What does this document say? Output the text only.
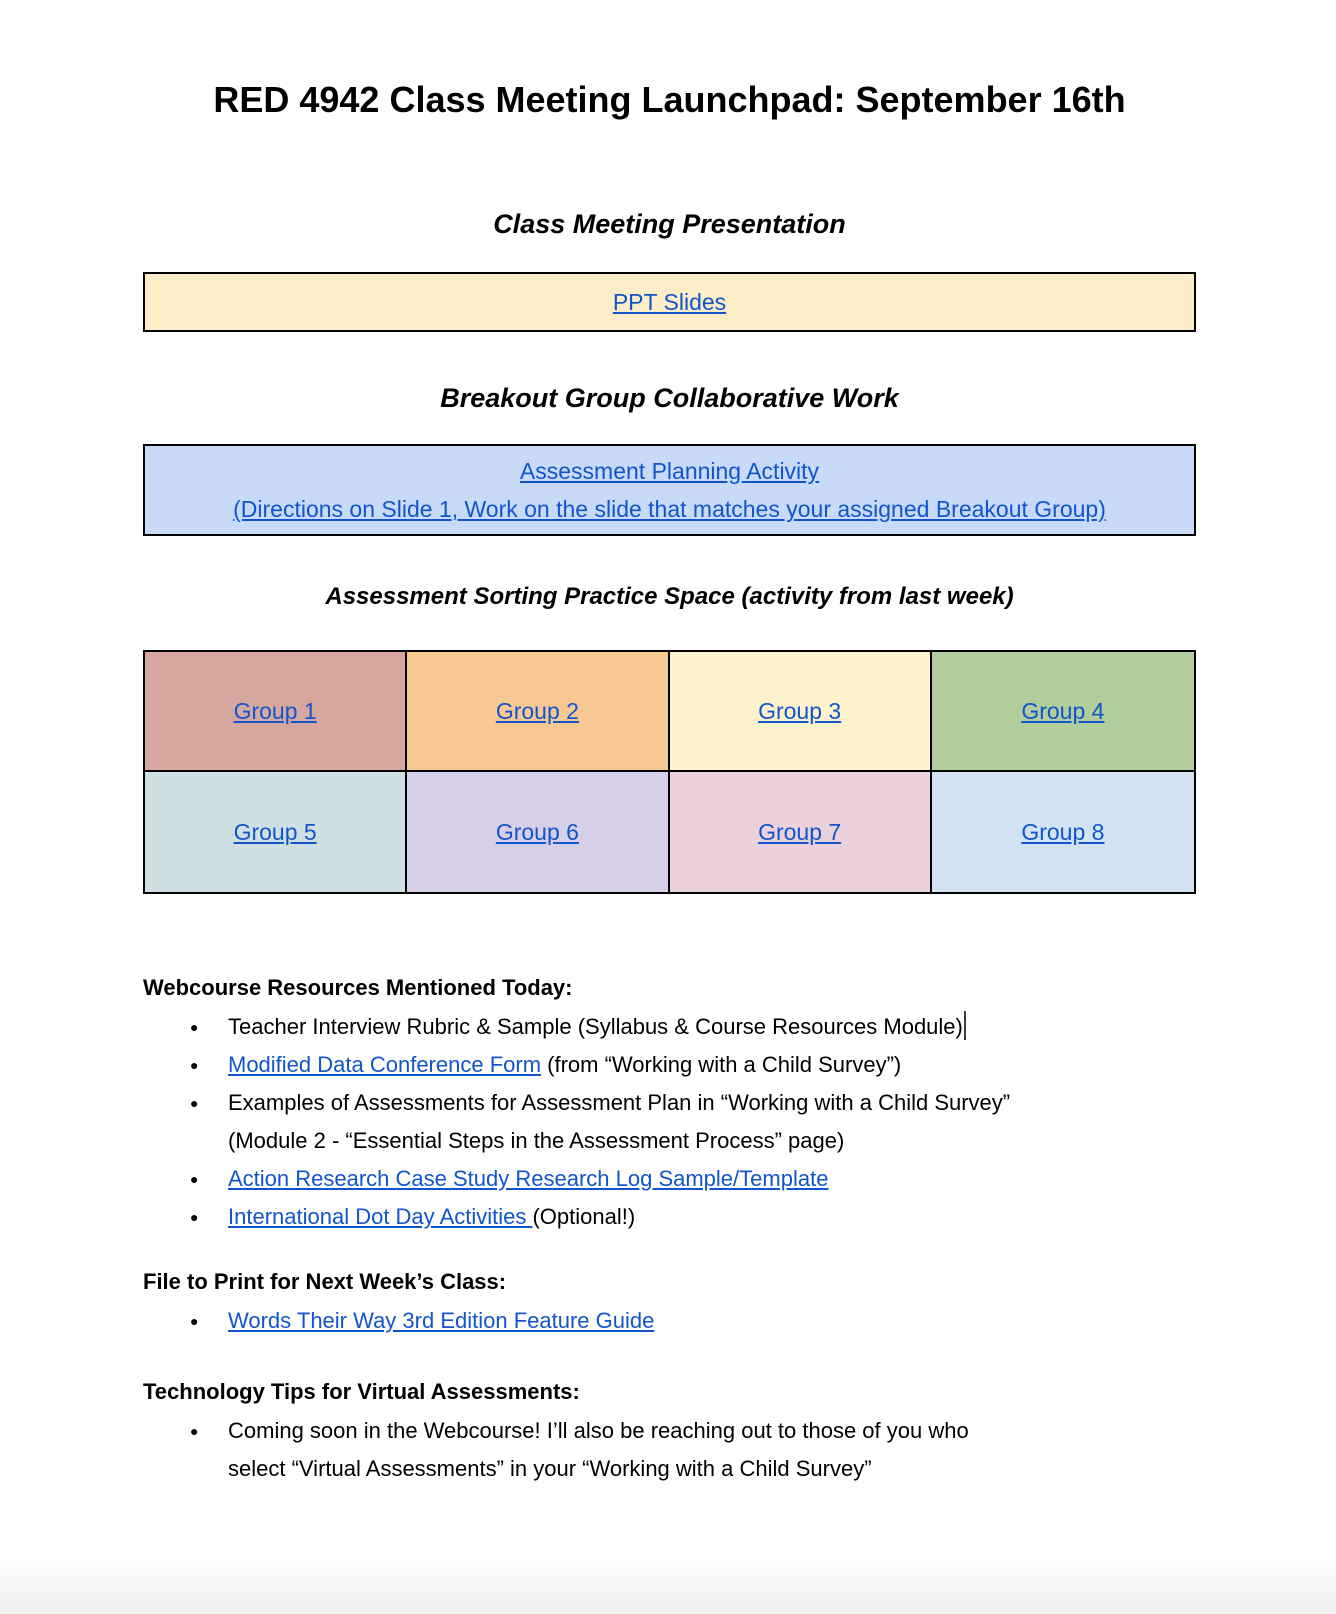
RED 4942 Class Meeting Launchpad: September 16th
Class Meeting Presentation
PPT Slides
Breakout Group Collaborative Work
Assessment Planning Activity
(Directions on Slide 1, Work on the slide that matches your assigned Breakout Group)
Assessment Sorting Practice Space (activity from last week)
Group 1	Group 2	Group 3	Group 4
Group 5	Group 6	Group 7	Group 8
Webcourse Resources Mentioned Today:
● Teacher Interview Rubric & Sample (Syllabus & Course Resources Module)
● Modified Data Conference Form (from “Working with a Child Survey”)
● Examples of Assessments for Assessment Plan in “Working with a Child Survey”
(Module 2 - “Essential Steps in the Assessment Process” page)
● Action Research Case Study Research Log Sample/Template
● International Dot Day Activities (Optional!)
File to Print for Next Week’s Class:
● Words Their Way 3rd Edition Feature Guide
Technology Tips for Virtual Assessments:
● Coming soon in the Webcourse! I’ll also be reaching out to those of you who
select “Virtual Assessments” in your “Working with a Child Survey”
